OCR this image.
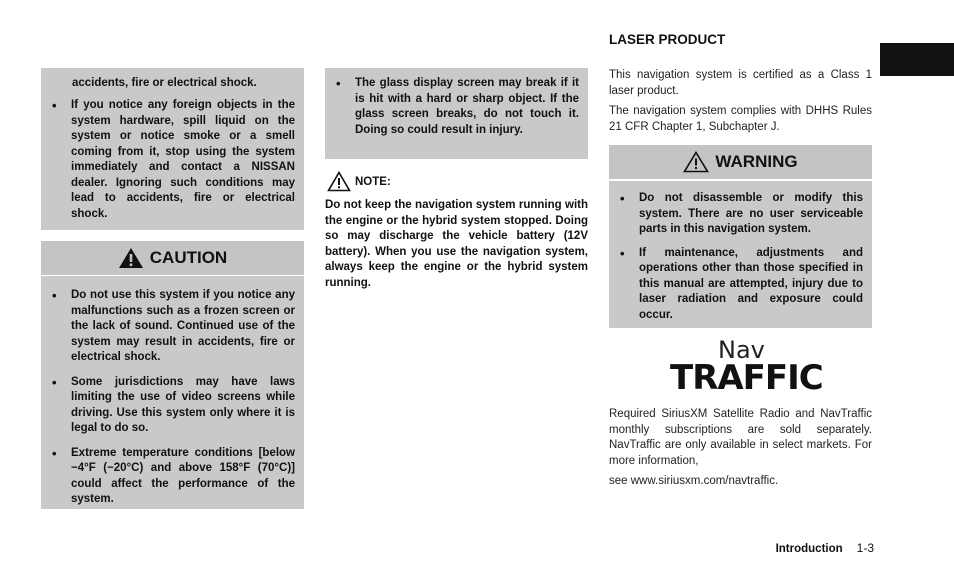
accidents, fire or electrical shock.
• If you notice any foreign objects in the system hardware, spill liquid on the system or notice smoke or a smell coming from it, stop using the system immediately and contact a NISSAN dealer. Ignoring such conditions may lead to accidents, fire or electrical shock.
CAUTION
• Do not use this system if you notice any malfunctions such as a frozen screen or the lack of sound. Continued use of the system may result in accidents, fire or electrical shock.
• Some jurisdictions may have laws limiting the use of video screens while driving. Use this system only where it is legal to do so.
• Extreme temperature conditions [below −4°F (−20°C) and above 158°F (70°C)] could affect the performance of the system.
• The glass display screen may break if it is hit with a hard or sharp object. If the glass screen breaks, do not touch it. Doing so could result in injury.
NOTE:

Do not keep the navigation system running with the engine or the hybrid system stopped. Doing so may discharge the vehicle battery (12V battery). When you use the navigation system, always keep the engine or the hybrid system running.

LASER PRODUCT

This navigation system is certified as a Class 1 laser product.

The navigation system complies with DHHS Rules 21 CFR Chapter 1, Subchapter J.

WARNING
• Do not disassemble or modify this system. There are no user serviceable parts in this navigation system.
• If maintenance, adjustments and operations other than those specified in this manual are attempted, injury due to laser radiation and exposure could occur.
Nav
TRAFFIC

Required SiriusXM Satellite Radio and NavTraffic monthly subscriptions are sold separately. NavTraffic are only available in select markets. For more information,

see www.siriusxm.com/navtraffic.

Introduction 1-3
